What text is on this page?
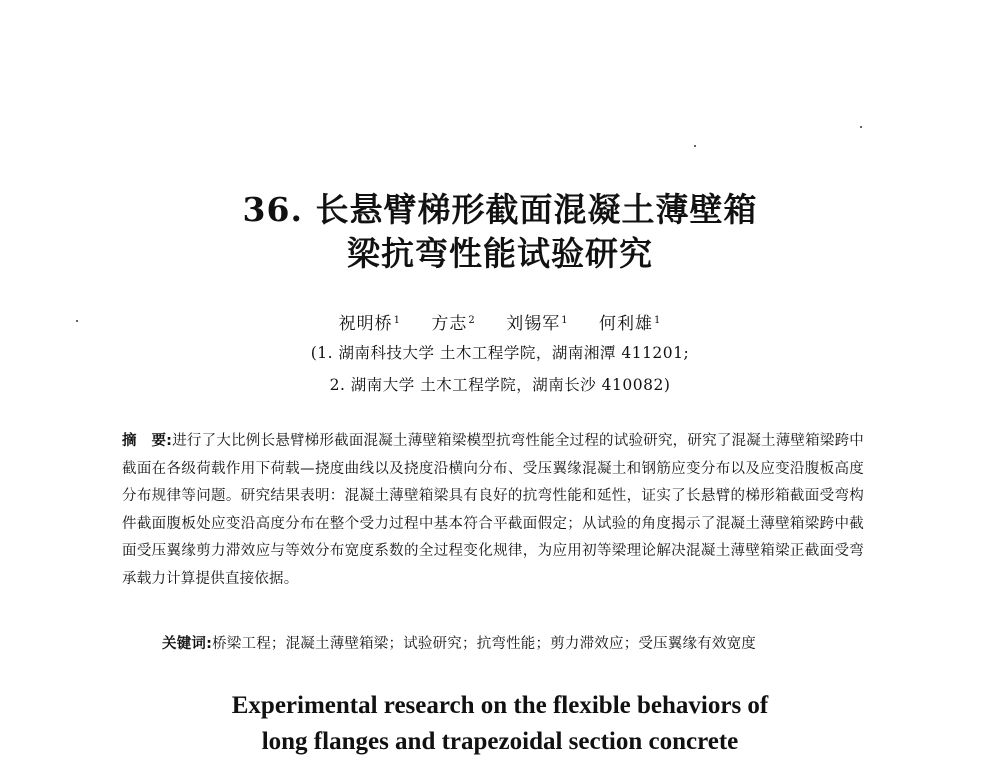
36. 长悬臂梯形截面混凝土薄壁箱
梁抗弯性能试验研究
祝明桥$^1$ 方志$^2$ 刘锡军$^1$ 何利雄$^1$
(1. 湖南科技大学 土木工程学院，湖南湘潭 411201;
2. 湖南大学 土木工程学院，湖南长沙 410082)
摘　要:进行了大比例长悬臂梯形截面混凝土薄壁箱梁模型抗弯性能全过程的试验研究，研究了混凝土薄壁箱梁跨中截面在各级荷载作用下荷载—挠度曲线以及挠度沿横向分布、受压翼缘混凝土和钢筋应变分布以及应变沿腹板高度分布规律等问题。研究结果表明：混凝土薄壁箱梁具有良好的抗弯性能和延性，证实了长悬臂的梯形箱截面受弯构件截面腹板处应变沿高度分布在整个受力过程中基本符合平截面假定；从试验的角度揭示了混凝土薄壁箱梁跨中截面受压翼缘剪力滞效应与等效分布宽度系数的全过程变化规律，为应用初等梁理论解决混凝土薄壁箱梁正截面受弯承载力计算提供直接依据。
关键词:桥梁工程；混凝土薄壁箱梁；试验研究；抗弯性能；剪力滞效应；受压翼缘有效宽度
Experimental research on the flexible behaviors of
long flanges and trapezoidal section concrete
